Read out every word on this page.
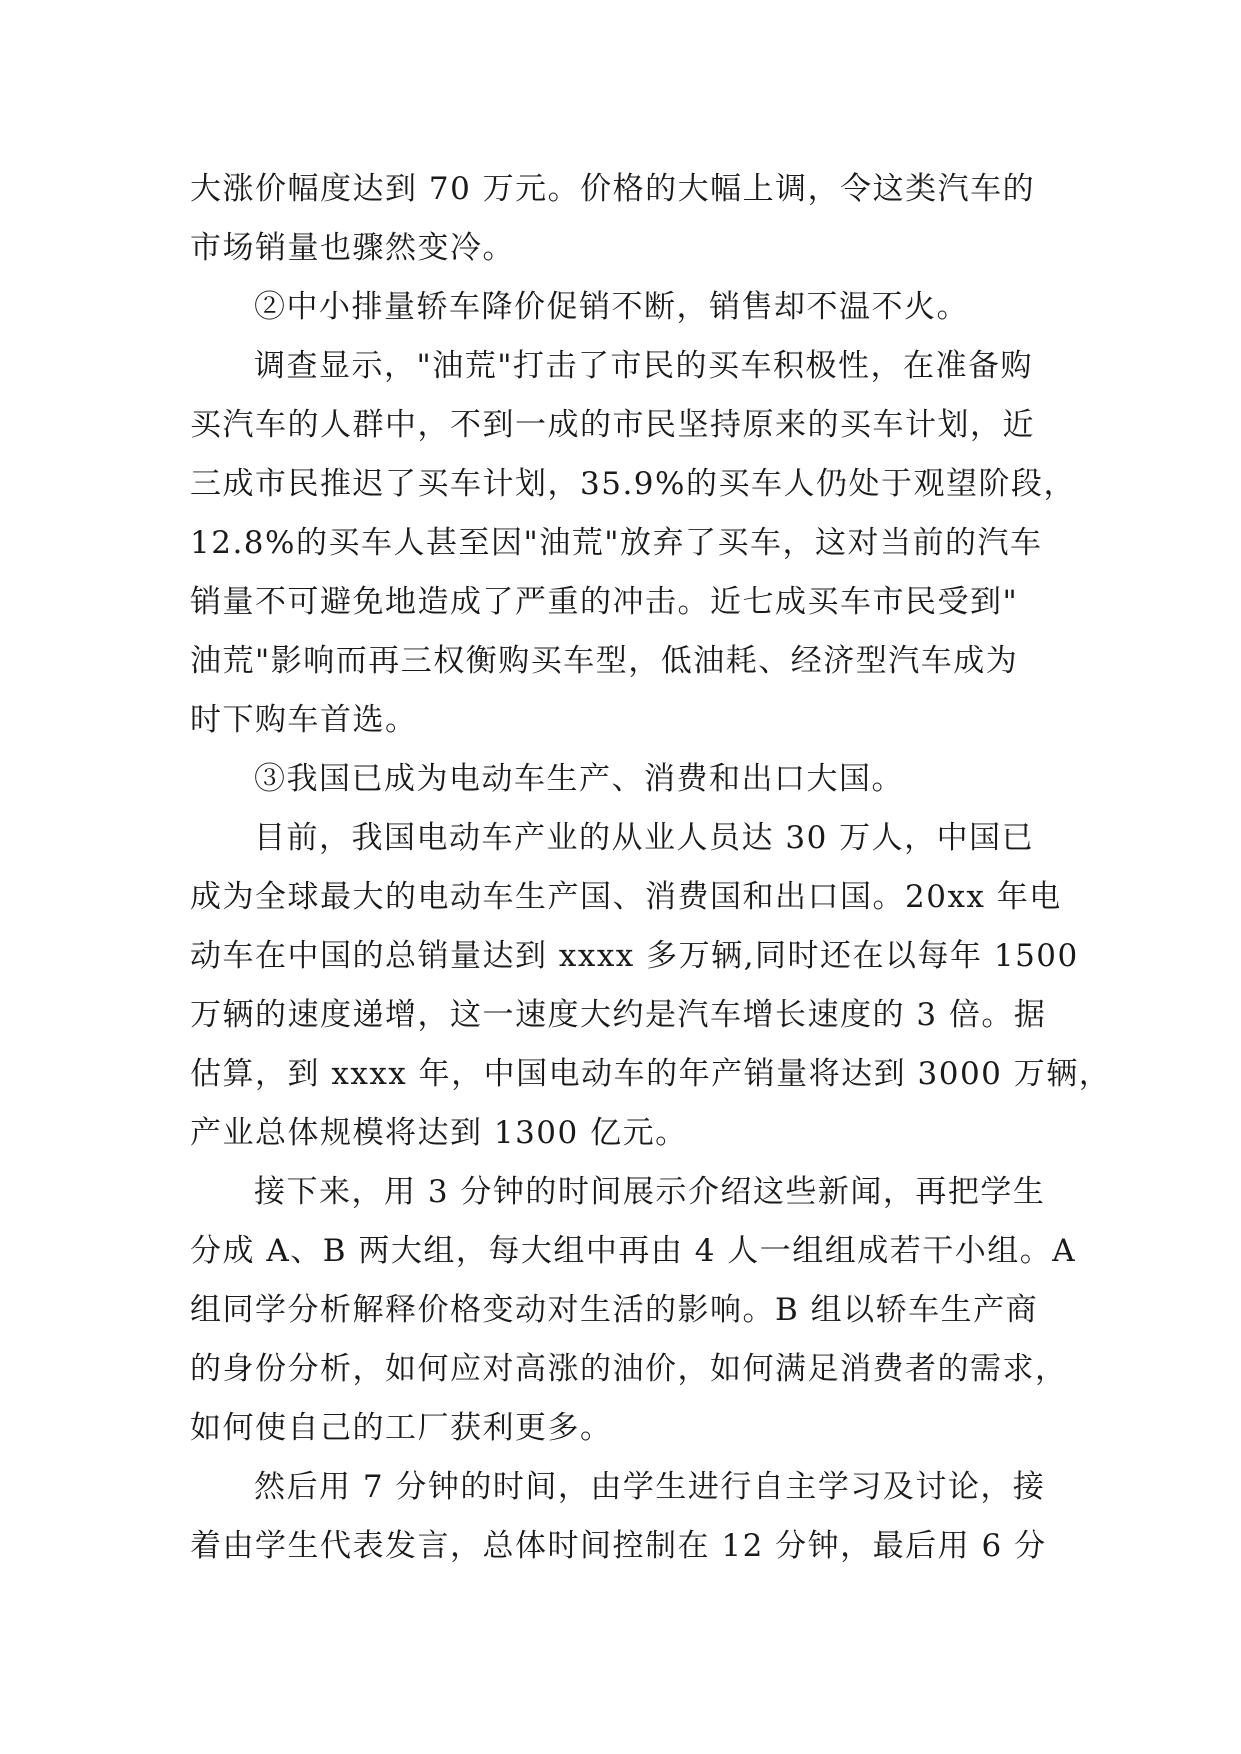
大涨价幅度达到 70 万元。价格的大幅上调，令这类汽车的
市场销量也骤然变冷。
②中小排量轿车降价促销不断，销售却不温不火。
调查显示，"油荒"打击了市民的买车积极性，在准备购
买汽车的人群中，不到一成的市民坚持原来的买车计划，近
三成市民推迟了买车计划，35.9%的买车人仍处于观望阶段，
12.8%的买车人甚至因"油荒"放弃了买车，这对当前的汽车
销量不可避免地造成了严重的冲击。近七成买车市民受到"
油荒"影响而再三权衡购买车型，低油耗、经济型汽车成为
时下购车首选。
③我国已成为电动车生产、消费和出口大国。
目前，我国电动车产业的从业人员达 30 万人，中国已
成为全球最大的电动车生产国、消费国和出口国。20xx 年电
动车在中国的总销量达到 xxxx 多万辆,同时还在以每年 1500
万辆的速度递增，这一速度大约是汽车增长速度的 3 倍。据
估算，到 xxxx 年，中国电动车的年产销量将达到 3000 万辆，
产业总体规模将达到 1300 亿元。
接下来，用 3 分钟的时间展示介绍这些新闻，再把学生
分成 A、B 两大组，每大组中再由 4 人一组组成若干小组。A
组同学分析解释价格变动对生活的影响。B 组以轿车生产商
的身份分析，如何应对高涨的油价，如何满足消费者的需求，
如何使自己的工厂获利更多。
然后用 7 分钟的时间，由学生进行自主学习及讨论，接
着由学生代表发言，总体时间控制在 12 分钟，最后用 6 分
